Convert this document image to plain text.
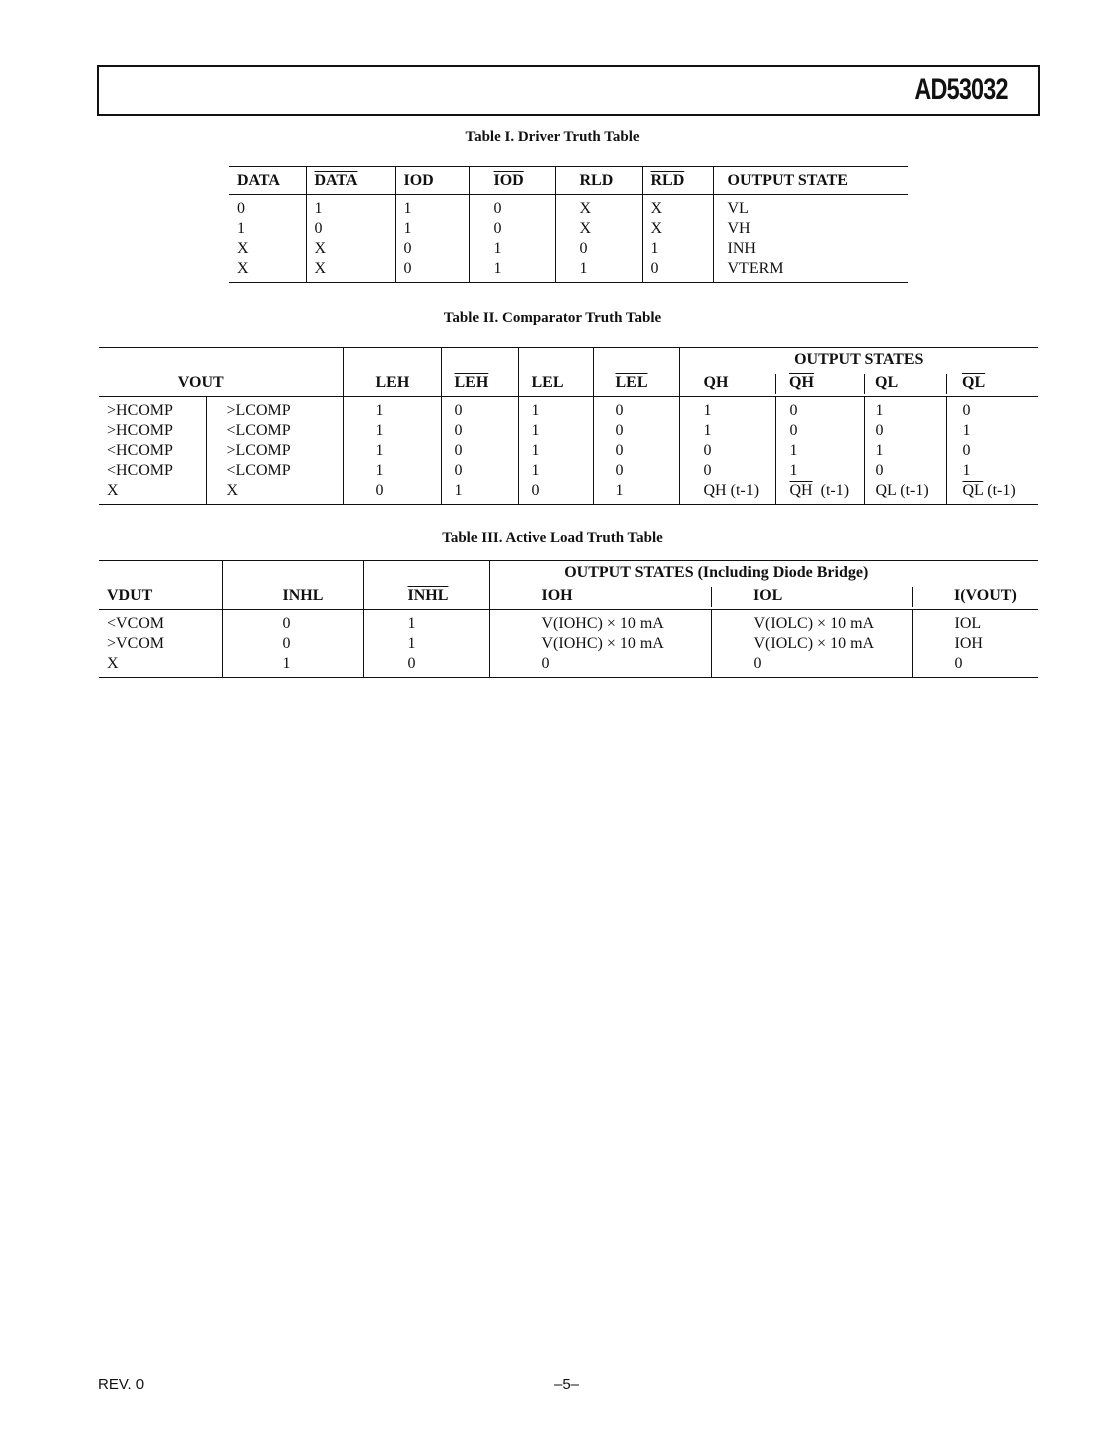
AD53032
Table I. Driver Truth Table
DATA	DATA	IOD	$\overline{IOD}$	RLD	$\overline{RLD}$	OUTPUT STATE
0	1	1	0	X	X	VL
1	0	1	0	X	X	VH
X	X	0	1	0	1	INH
X	X	0	1	1	0	VTERM
Table II. Comparator Truth Table
						OUTPUT STATES			
VOUT		LEH	$\overline{LEH}$	LEL	$\overline{LEL}$	QH	$\overline{QH}$	QL	$\overline{QL}$
>HCOMP	>LCOMP	1	0	1	0	1	0	1	0
>HCOMP	<LCOMP	1	0	1	0	1	0	0	1
<HCOMP	>LCOMP	1	0	1	0	0	1	1	0
<HCOMP	<LCOMP	1	0	1	0	0	1	0	1
X	X	0	1	0	1	QH (t-1)	$\overline{QH}$  (t-1)	QL (t-1)	$\overline{QL}$ (t-1)
Table III. Active Load Truth Table
			OUTPUT STATES (Including Diode Bridge)		
VDUT	INHL	INHL	IOH	IOL	I(VOUT)
<VCOM	0	1	V(IOHC) × 10 mA	V(IOLC) × 10 mA	IOL
>VCOM	0	1	V(IOHC) × 10 mA	V(IOLC) × 10 mA	IOH
X	1	0	0	0	0
REV. 0	–5–
